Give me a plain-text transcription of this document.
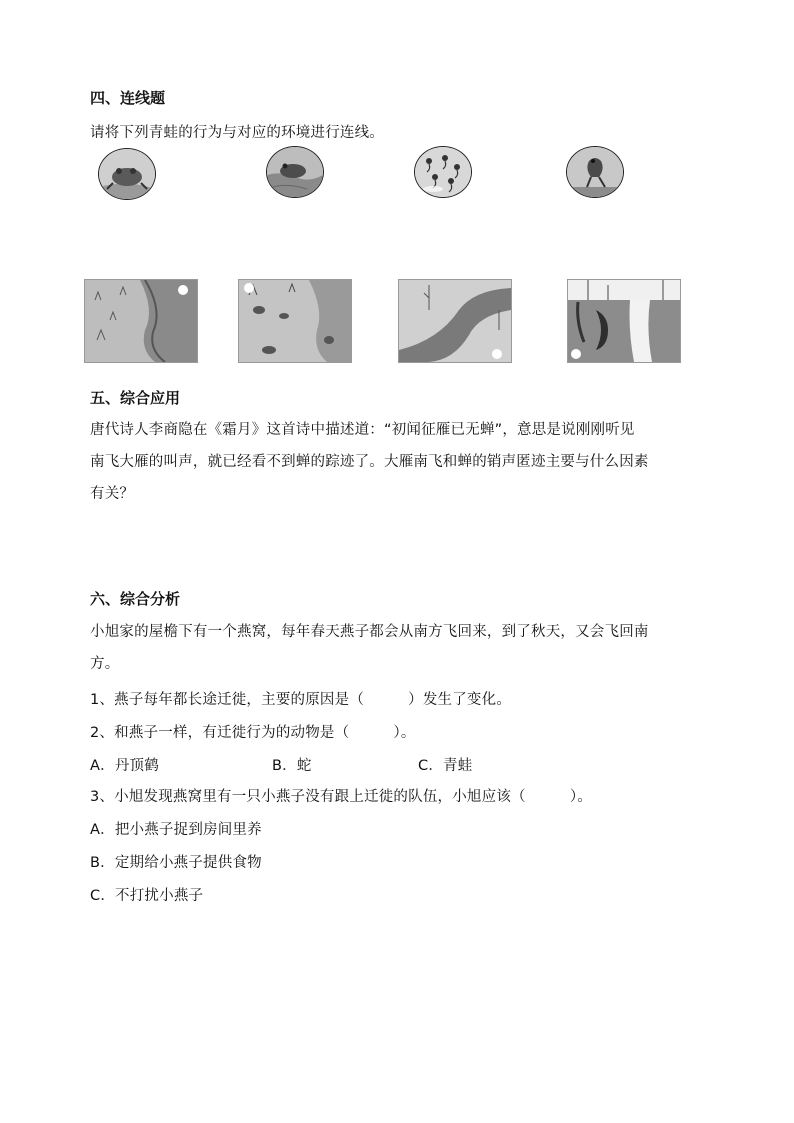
四、连线题
请将下列青蛙的行为与对应的环境进行连线。
五、综合应用
唐代诗人李商隐在《霜月》这首诗中描述道：“初闻征雁已无蝉”，意思是说刚刚听见
南飞大雁的叫声，就已经看不到蝉的踪迹了。大雁南飞和蝉的销声匿迹主要与什么因素
有关？
六、综合分析
小旭家的屋檐下有一个燕窝，每年春天燕子都会从南方飞回来，到了秋天，又会飞回南
方。
1、燕子每年都长途迁徙，主要的原因是（　　　）发生了变化。
2、和燕子一样，有迁徙行为的动物是（　　　）。
A．丹顶鹤	B．蛇	C．青蛙
3、小旭发现燕窝里有一只小燕子没有跟上迁徙的队伍，小旭应该（　　　）。
A．把小燕子捉到房间里养
B．定期给小燕子提供食物
C．不打扰小燕子
